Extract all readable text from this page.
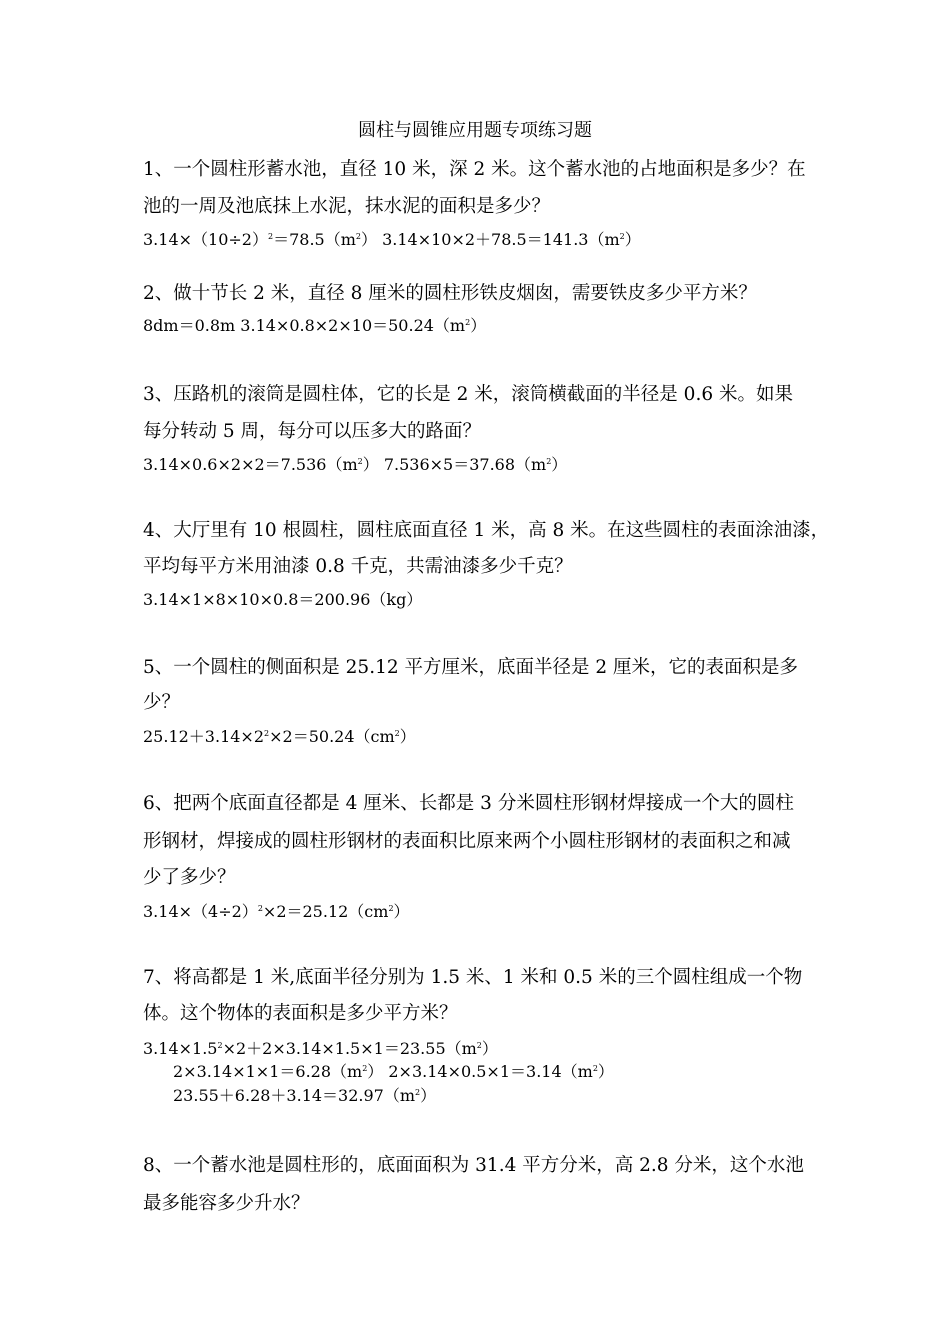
圆柱与圆锥应用题专项练习题
1、一个圆柱形蓄水池，直径 10 米，深 2 米。这个蓄水池的占地面积是多少？在
池的一周及池底抹上水泥，抹水泥的面积是多少？
$3.14\times(10\div 2)^2=78.5(m^2)$ $3.14\times 10\times 2+78.5=141.3(m^2)$
2、做十节长 2 米，直径 8 厘米的圆柱形铁皮烟囱，需要铁皮多少平方米？
8dm＝0.8m $3.14\times 0.8\times 2\times 10=50.24(m^2)$
3、压路机的滚筒是圆柱体，它的长是 2 米，滚筒横截面的半径是 0.6 米。如果
每分转动 5 周，每分可以压多大的路面？
$3.14\times 0.6\times 2\times 2=7.536(m^2)$ $7.536\times 5=37.68(m^2)$
4、大厅里有 10 根圆柱，圆柱底面直径 1 米，高 8 米。在这些圆柱的表面涂油漆，
平均每平方米用油漆 0.8 千克，共需油漆多少千克？
3.14×1×8×10×0.8＝200.96（kg）
5、一个圆柱的侧面积是 25.12 平方厘米，底面半径是 2 厘米，它的表面积是多
少？
$25.12+3.14\times 2^2\times 2=50.24(cm^2)$
6、把两个底面直径都是 4 厘米、长都是 3 分米圆柱形钢材焊接成一个大的圆柱
形钢材，焊接成的圆柱形钢材的表面积比原来两个小圆柱形钢材的表面积之和减
少了多少？
$3.14\times(4\div 2)^2\times 2=25.12(cm^2)$
7、将高都是 1 米,底面半径分别为 1.5 米、1 米和 0.5 米的三个圆柱组成一个物
体。这个物体的表面积是多少平方米？
$3.14\times 1.5^2\times 2+2\times 3.14\times 1.5\times 1=23.55(m^2)$
$2\times 3.14\times 1\times 1=6.28(m^2)$ $2\times 3.14\times 0.5\times 1=3.14(m^2)$
$23.55+6.28+3.14=32.97(m^2)$
8、一个蓄水池是圆柱形的，底面面积为 31.4 平方分米，高 2.8 分米，这个水池
最多能容多少升水？
